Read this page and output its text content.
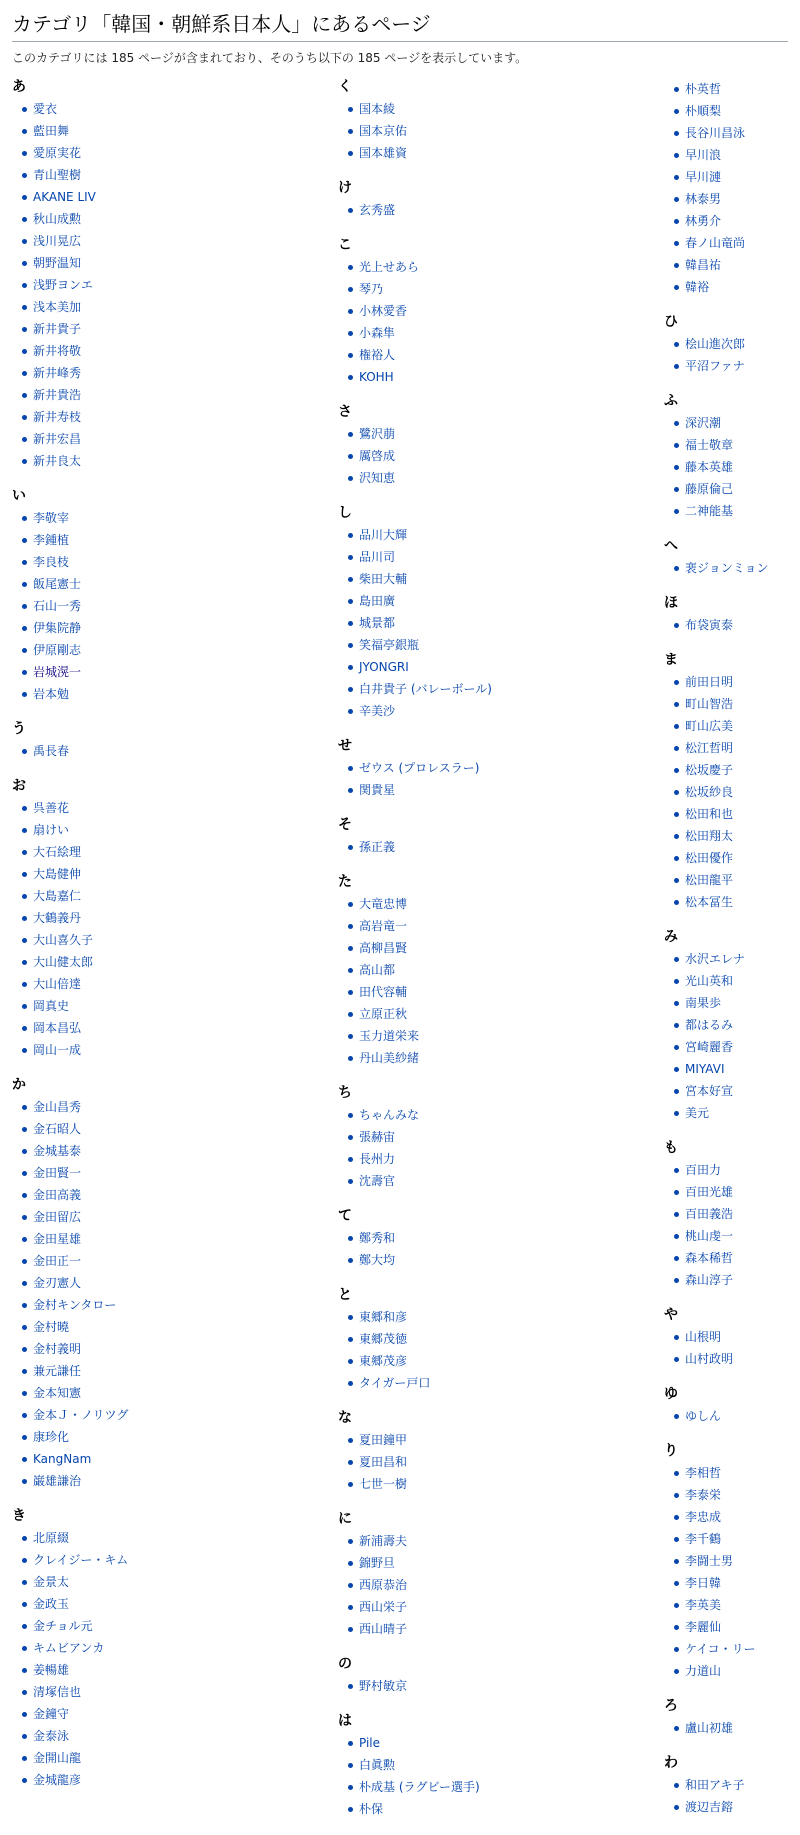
カテゴリ「韓国・朝鮮系日本人」にあるページ
このカテゴリには 185 ページが含まれており、そのうち以下の 185 ページを表示しています。
あ
愛衣
藍田舞
愛原実花
青山聖樹
AKANE LIV
秋山成勲
浅川晃広
朝野温知
浅野ヨンエ
浅本美加
新井貴子
新井将敬
新井峰秀
新井貴浩
新井寿枝
新井宏昌
新井良太
い
李敬宰
李鍾植
李良枝
飯尾憲士
石山一秀
伊集院静
伊原剛志
岩城滉一
岩本勉
う
禹長春
お
呉善花
扇けい
大石絵理
大島健伸
大島嘉仁
大鶴義丹
大山喜久子
大山健太郎
大山倍達
岡真史
岡本昌弘
岡山一成
か
金山昌秀
金石昭人
金城基泰
金田賢一
金田高義
金田留広
金田星雄
金田正一
金刃憲人
金村キンタロー
金村曉
金村義明
兼元謙任
金本知憲
金本Ｊ・ノリツグ
康珍化
KangNam
巌雄謙治
き
北原綴
クレイジー・キム
金景太
金政玉
金チョル元
キムビアンカ
姜暢雄
清塚信也
金鐘守
金泰泳
金開山龍
金城龍彦
く
国本綾
国本京佑
国本雄資
け
玄秀盛
こ
光上せあら
琴乃
小林愛香
小森隼
権裕人
KOHH
さ
鷺沢萠
厲啓成
沢知恵
し
品川大輝
品川司
柴田大輔
島田廣
城景都
笑福亭銀瓶
JYONGRI
白井貴子 (バレーボール)
辛美沙
せ
ゼウス (プロレスラー)
関貴星
そ
孫正義
た
大竜忠博
高岩竜一
高柳昌賢
高山都
田代容輔
立原正秋
玉力道栄来
丹山美紗緒
ち
ちゃんみな
張赫宙
長州力
沈壽官
て
鄭秀和
鄭大均
と
東郷和彦
東郷茂徳
東郷茂彦
タイガー戸口
な
夏田鐘甲
夏田昌和
七世一樹
に
新浦壽夫
錦野旦
西原恭治
西山栄子
西山晴子
の
野村敏京
は
Pile
白眞勲
朴成基 (ラグビー選手)
朴保
朴英哲
朴順梨
長谷川昌泳
早川浪
早川漣
林泰男
林勇介
春ノ山竜尚
韓昌祐
韓裕
ひ
桧山進次郎
平沼ファナ
ふ
深沢潮
福士敬章
藤本英雄
藤原倫己
二神能基
へ
裵ジョンミョン
ほ
布袋寅泰
ま
前田日明
町山智浩
町山広美
松江哲明
松坂慶子
松坂紗良
松田和也
松田翔太
松田優作
松田龍平
松本冨生
み
水沢エレナ
光山英和
南果歩
都はるみ
宮崎麗香
MIYAVI
宮本好宣
美元
も
百田力
百田光雄
百田義浩
桃山虔一
森本稀哲
森山淳子
や
山根明
山村政明
ゆ
ゆしん
り
李相哲
李泰栄
李忠成
李千鶴
李闘士男
李日韓
李英美
李麗仙
ケイコ・リー
力道山
ろ
盧山初雄
わ
和田アキ子
渡辺吉鎔
